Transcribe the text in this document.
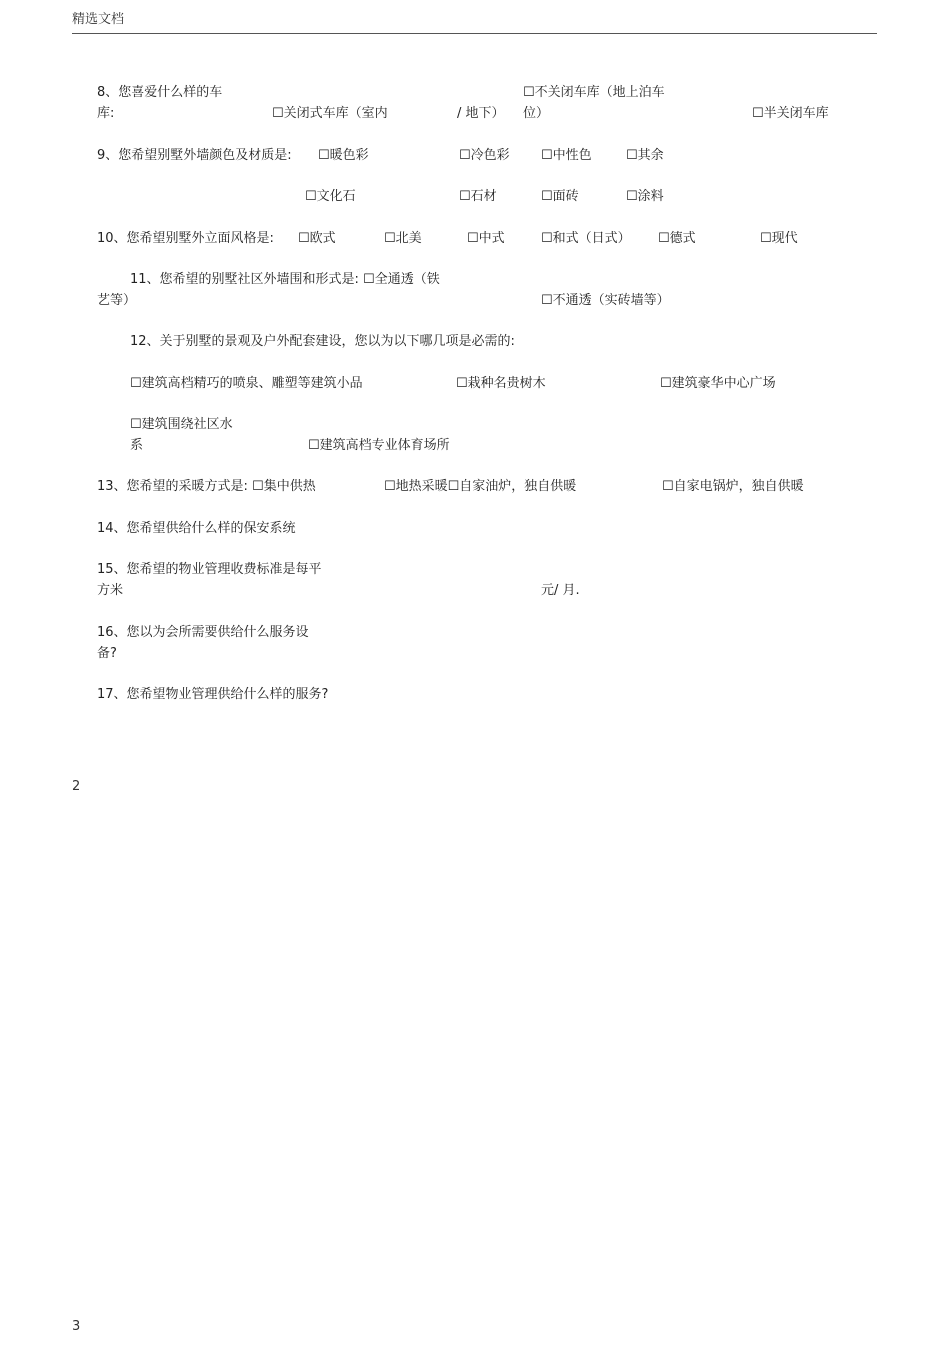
精选文档
8、您喜爱什么样的车
库:	☐关闭式车库（室内	/ 地下）
☐不关闭车库（地上泊车
位）	☐半关闭车库
9、您希望别墅外墙颜色及材质是: ☐暖色彩	☐冷色彩 ☐中性色	☐其余
☐文化石	☐石材	☐面砖	☐涂料
10、您希望别墅外立面风格是: ☐欧式	☐北美	☐中式	☐和式（日式） ☐德式	☐现代
11、您希望的别墅社区外墙围和形式是: ☐全通透（铁
艺等）	☐不通透（实砖墙等）
12、关于别墅的景观及户外配套建设，您以为以下哪几项是必需的:
☐建筑高档精巧的喷泉、雕塑等建筑小品	☐栽种名贵树木	☐建筑豪华中心广场
☐建筑围绕社区水
系	☐建筑高档专业体育场所
13、您希望的采暖方式是: ☐集中供热	☐地热采暖☐自家油炉，独自供暖	☐自家电锅炉，独自供暖
14、您希望供给什么样的保安系统
15、您希望的物业管理收费标准是每平
方米	元/ 月.
16、您以为会所需要供给什么服务设
备?
17、您希望物业管理供给什么样的服务?
2
3
